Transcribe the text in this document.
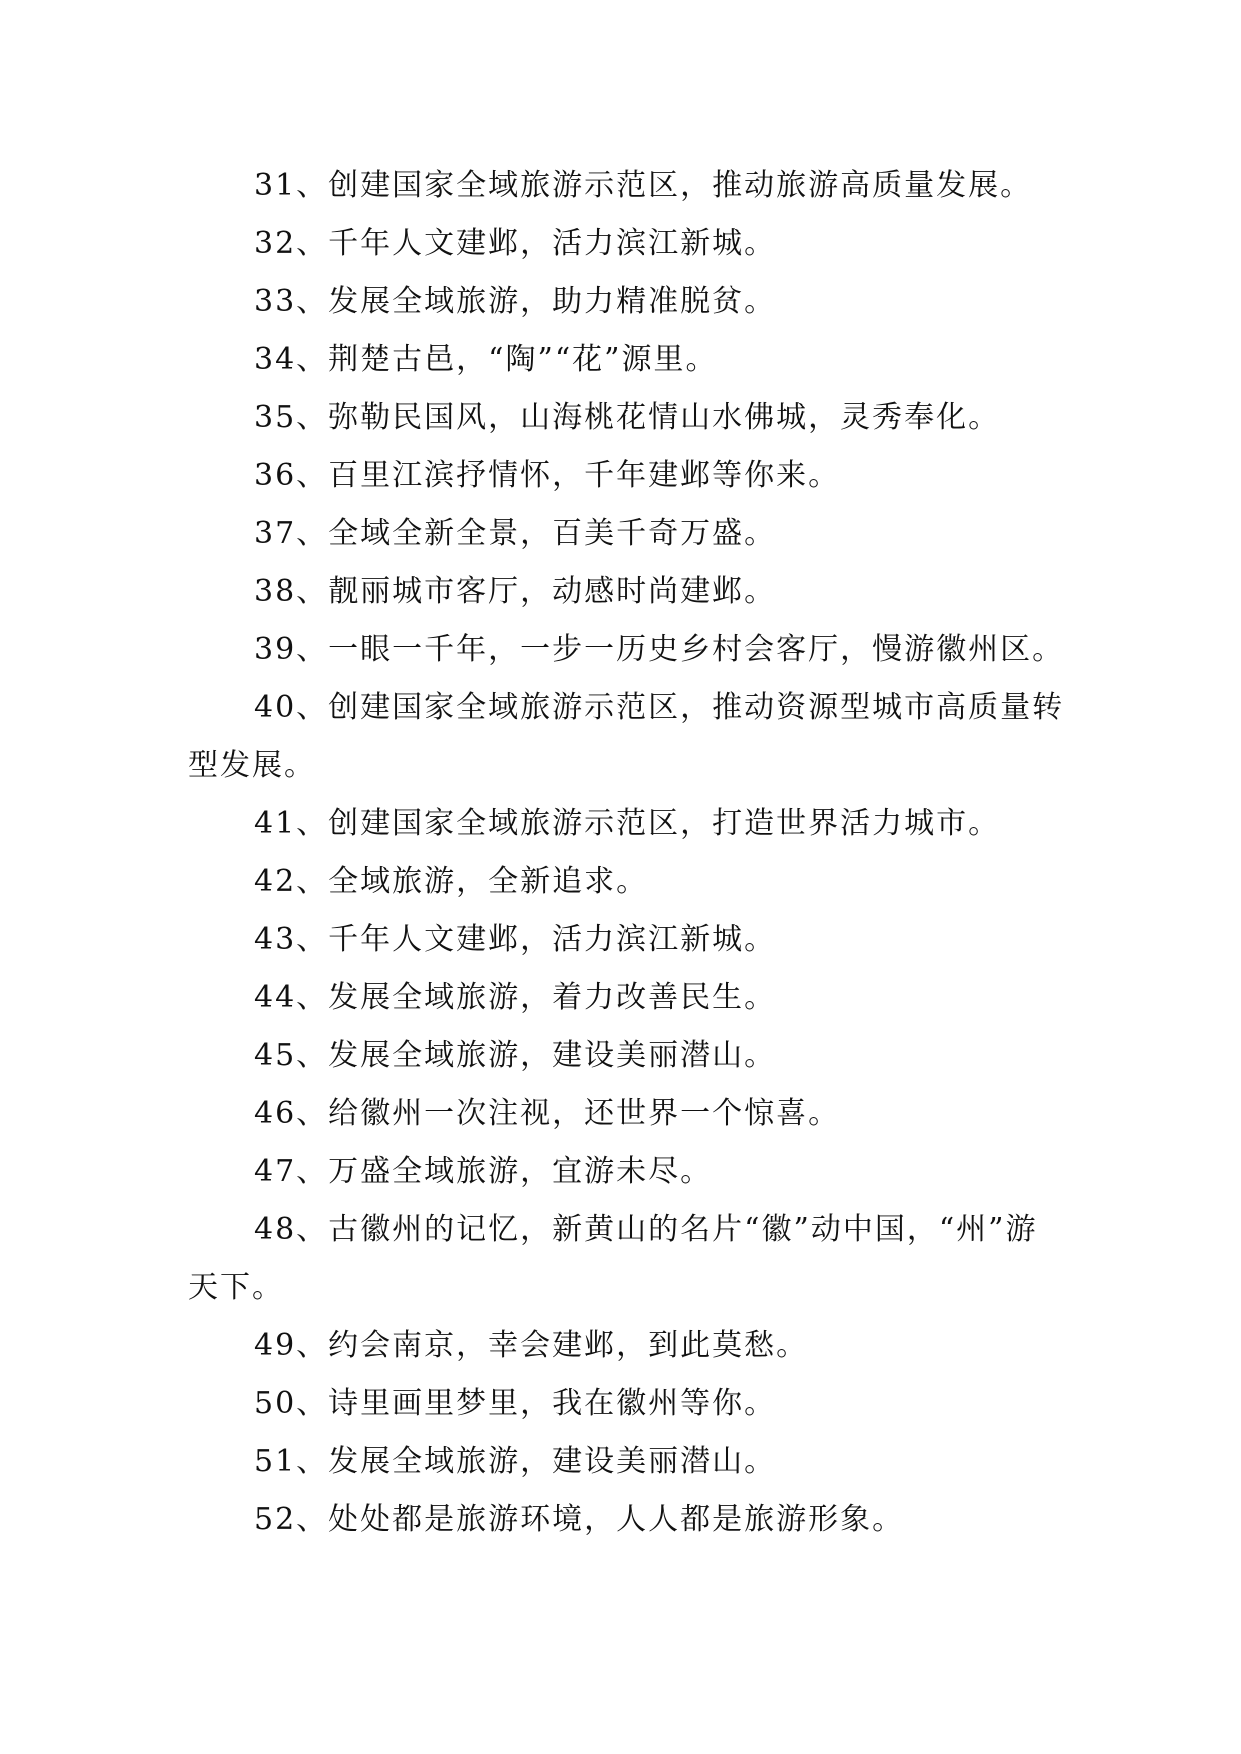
31、创建国家全域旅游示范区，推动旅游高质量发展。

32、千年人文建邺，活力滨江新城。

33、发展全域旅游，助力精准脱贫。

34、荆楚古邑，“陶”“花”源里。

35、弥勒民国风，山海桃花情山水佛城，灵秀奉化。

36、百里江滨抒情怀，千年建邺等你来。

37、全域全新全景，百美千奇万盛。

38、靓丽城市客厅，动感时尚建邺。

39、一眼一千年，一步一历史乡村会客厅，慢游徽州区。

40、创建国家全域旅游示范区，推动资源型城市高质量转型发展。

41、创建国家全域旅游示范区，打造世界活力城市。

42、全域旅游，全新追求。

43、千年人文建邺，活力滨江新城。

44、发展全域旅游，着力改善民生。

45、发展全域旅游，建设美丽潜山。

46、给徽州一次注视，还世界一个惊喜。

47、万盛全域旅游，宜游未尽。

48、古徽州的记忆，新黄山的名片“徽”动中国，“州”游天下。

49、约会南京，幸会建邺，到此莫愁。

50、诗里画里梦里，我在徽州等你。

51、发展全域旅游，建设美丽潜山。

52、处处都是旅游环境，人人都是旅游形象。
